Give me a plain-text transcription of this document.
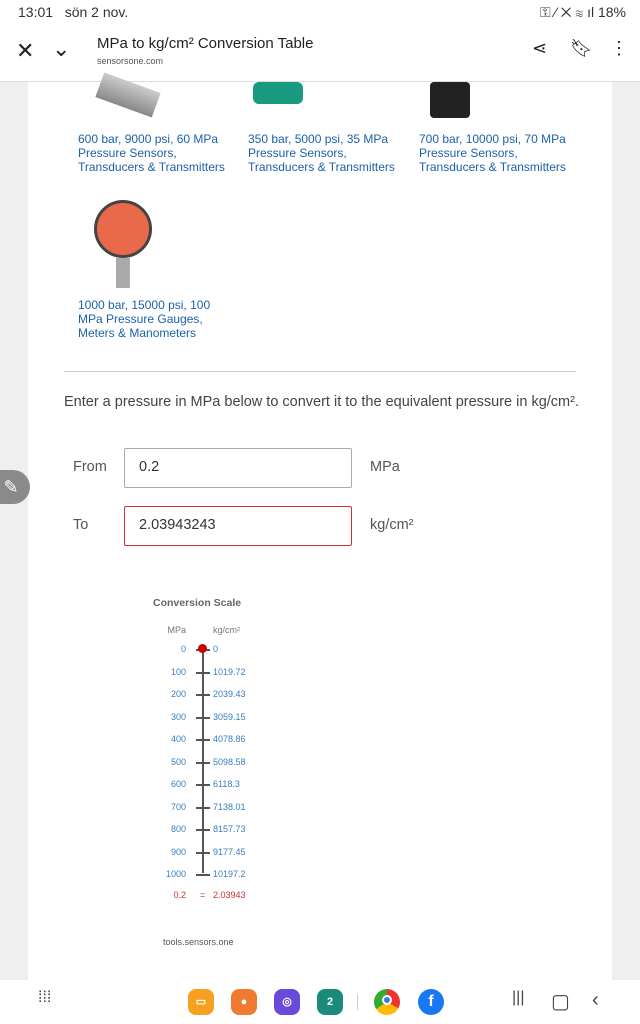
13:01 sön 2 nov.	⚿ ⁄ ✕ ≋ ıl 18%
✕ ⌄ MPa to kg/cm² Conversion Table
sensorsone.com
⋖ 🔖︎ ⋮
✎
600 bar, 9000 psi, 60 MPa Pressure Sensors, Transducers & Transmitters
350 bar, 5000 psi, 35 MPa Pressure Sensors, Transducers & Transmitters
700 bar, 10000 psi, 70 MPa Pressure Sensors, Transducers & Transmitters
1000 bar, 15000 psi, 100 MPa Pressure Gauges, Meters & Manometers
Enter a pressure in MPa below to convert it to the equivalent pressure in kg/cm².
From	0.2	MPa
To	2.03943243	kg/cm²
Conversion Scale
MPa	kg/cm²
0	0
100	1019.72
200	2039.43
300	3059.15
400	4078.86
500	5098.58
600	6118.3
700	7138.01
800	8157.73
900	9177.45
1000	10197.2
0.2 = 2.03943
tools.sensors.one
⁞⁞⁞	▭	●	◎	2	f	||| ▢ ‹
